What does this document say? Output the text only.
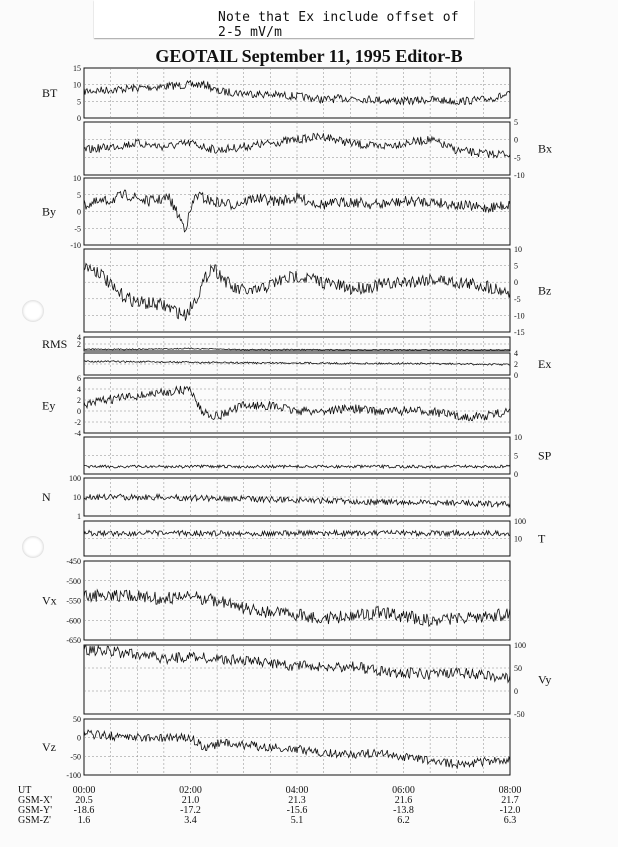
Note that Ex include offset of 2-5 mV/m
GEOTAIL September 11, 1995 Editor-B
15
10
5
0
BT
5
0
-5
-10
Bx
10
5
0
-5
-10
By
10
5
0
-5
-10
-15
Bz
4
2
RMS
4
2
0
Ex
6
4
2
0
-2
-4
Ey
10
5
0
SP
100
10
1
N
100
10 T
-450
-500
-550
-600
-650
Vx
100
50
0
-50
Vy
50
0
-50
-100
Vz
UT
GSM-X'
GSM-Y'
GSM-Z'
00:00
20.5
-18.6
1.6
02:00
21.0
-17.2
3.4
04:00
21.3
-15.6
5.1
06:00
21.6
-13.8
6.2
08:00
21.7
-12.0
6.3
